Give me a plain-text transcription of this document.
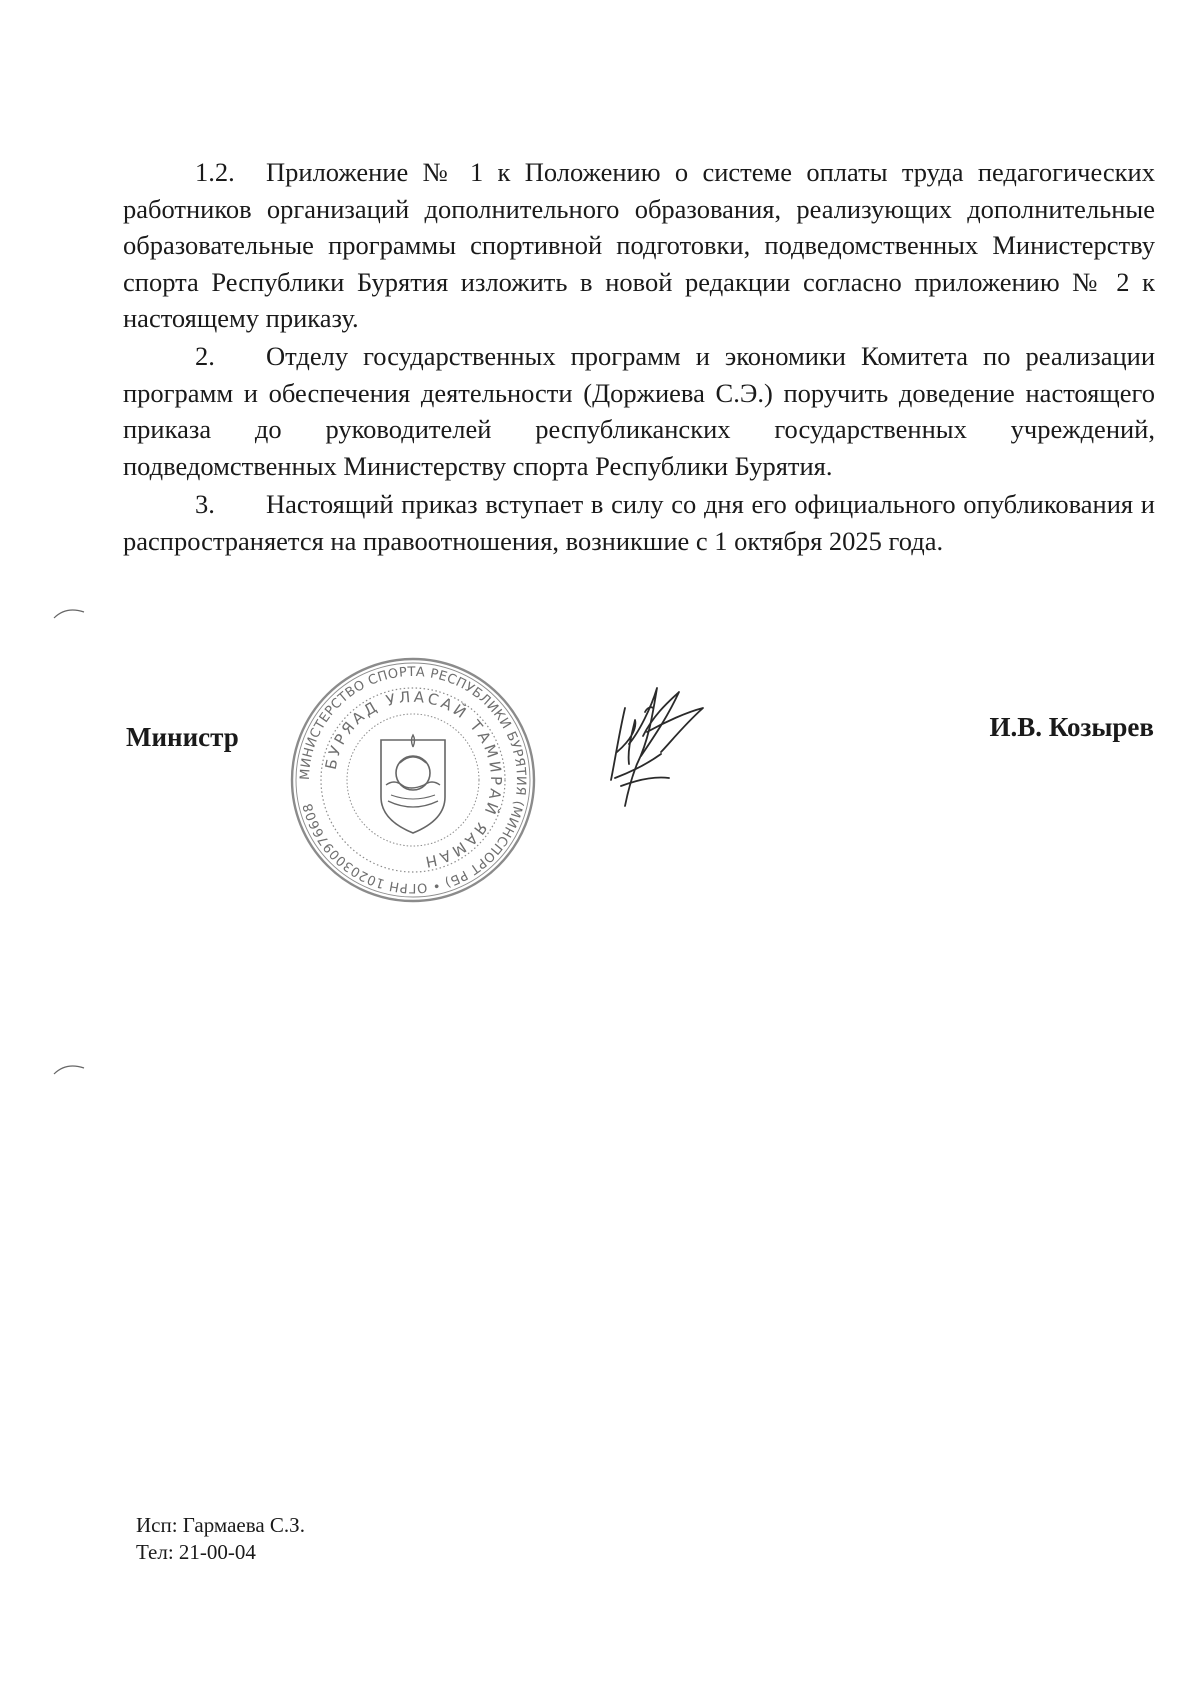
1.2. Приложение № 1 к Положению о системе оплаты труда педагогических работников организаций дополнительного образования, реализующих дополнительные образовательные программы спортивной подготовки, подведомственных Министерству спорта Республики Бурятия изложить в новой редакции согласно приложению № 2 к настоящему приказу.

2. Отделу государственных программ и экономики Комитета по реализации программ и обеспечения деятельности (Доржиева С.Э.) поручить доведение настоящего приказа до руководителей республиканских государственных учреждений, подведомственных Министерству спорта Республики Бурятия.

3. Настоящий приказ вступает в силу со дня его официального опубликования и распространяется на правоотношения, возникшие с 1 октября 2025 года.

Министр

МИНИСТЕРСТВО СПОРТА РЕСПУБЛИКИ БУРЯТИЯ (МИНСПОРТ РБ) • ОГРН 1020300976608
БУРЯАД УЛАСАЙ ТАМИРАЙ ЯАМАН

И.В. Козырев

Исп: Гармаева С.З.
Тел: 21-00-04
